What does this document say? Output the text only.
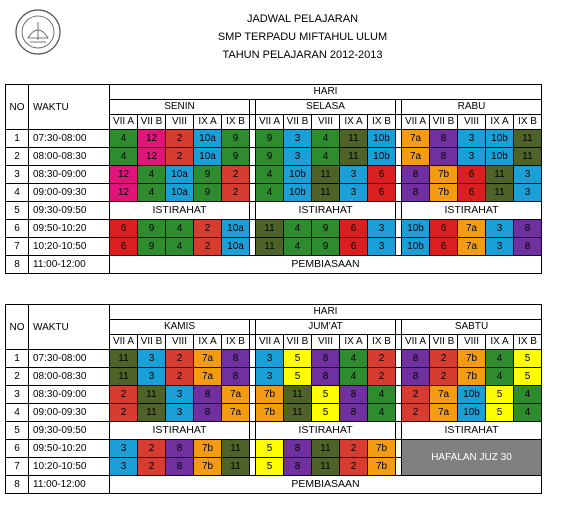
JADWAL PELAJARAN
SMP TERPADU MIFTAHUL ULUM
TAHUN PELAJARAN 2012-2013
NO	WAKTU	HARI																
		SENIN						SELASA						RABU				
		VII A	VII B	VIII	IX A	IX B		VII A	VII B	VIII	IX A	IX B		VII A	VII B	VIII	IX A	IX B
1	07:30-08:00	4	12	2	10a	9		9	3	4	11	10b		7a	8	3	10b	11
2	08:00-08:30	4	12	2	10a	9		9	3	4	11	10b		7a	8	3	10b	11
3	08:30-09:00	12	4	10a	9	2		4	10b	11	3	6		8	7b	6	11	3
4	09:00-09:30	12	4	10a	9	2		4	10b	11	3	6		8	7b	6	11	3
5	09:30-09:50	ISTIRAHAT						ISTIRAHAT						ISTIRAHAT				
6	09:50-10:20	6	9	4	2	10a		11	4	9	6	3		10b	6	7a	3	8
7	10:20-10:50	6	9	4	2	10a		11	4	9	6	3		10b	6	7a	3	8
8	11:00-12:00	PEMBIASAAN																
NO	WAKTU	HARI																
		KAMIS						JUM'AT						SABTU				
		VII A	VII B	VIII	IX A	IX B		VII A	VII B	VIII	IX A	IX B		VII A	VII B	VIII	IX A	IX B
1	07:30-08:00	11	3	2	7a	8		3	5	8	4	2		8	2	7b	4	5
2	08:00-08:30	11	3	2	7a	8		3	5	8	4	2		8	2	7b	4	5
3	08:30-09:00	2	11	3	8	7a		7b	11	5	8	4		2	7a	10b	5	4
4	09:00-09:30	2	11	3	8	7a		7b	11	5	8	4		2	7a	10b	5	4
5	09:30-09:50	ISTIRAHAT						ISTIRAHAT						ISTIRAHAT				
6	09:50-10:20	3	2	8	7b	11		5	8	11	2	7b		HAFALAN JUZ 30				
7	10:20-10:50	3	2	8	7b	11		5	8	11	2	7b						
8	11:00-12:00	PEMBIASAAN																
